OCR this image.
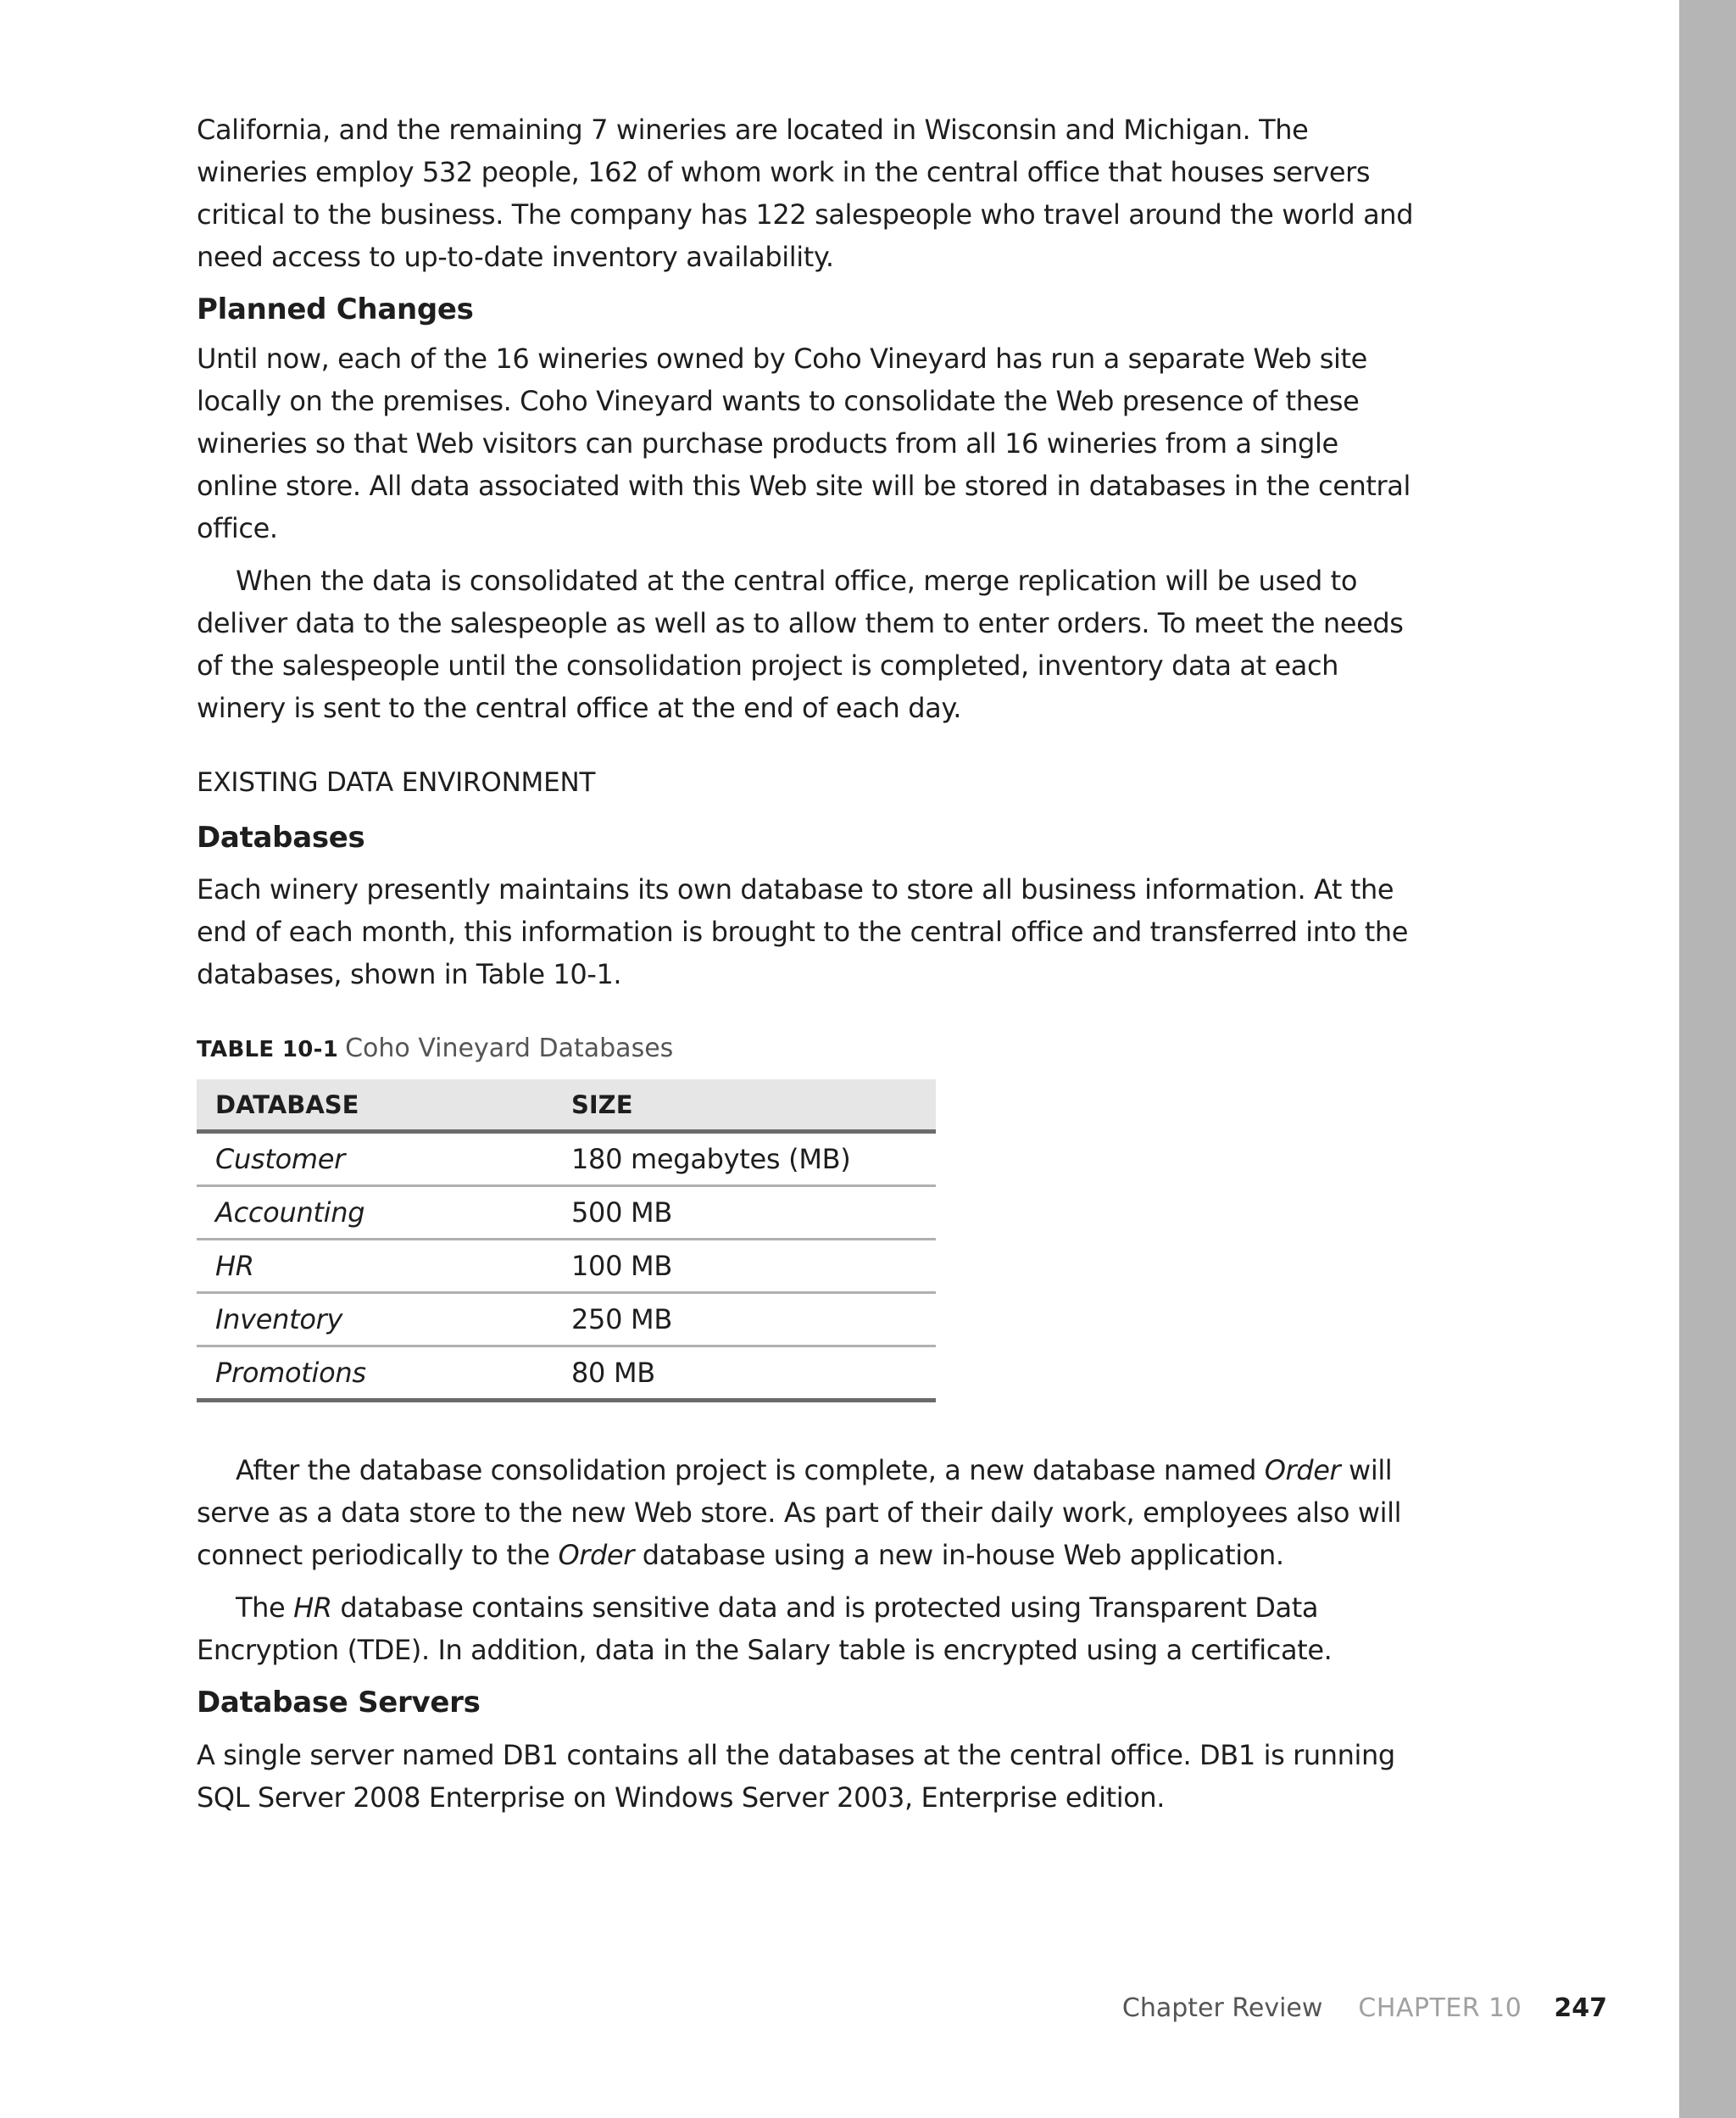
California, and the remaining 7 wineries are located in Wisconsin and Michigan. The wineries employ 532 people, 162 of whom work in the central office that houses servers critical to the business. The company has 122 salespeople who travel around the world and need access to up-to-date inventory availability.

Planned Changes

Until now, each of the 16 wineries owned by Coho Vineyard has run a separate Web site locally on the premises. Coho Vineyard wants to consolidate the Web presence of these wineries so that Web visitors can purchase products from all 16 wineries from a single online store. All data associated with this Web site will be stored in databases in the central office.

When the data is consolidated at the central office, merge replication will be used to deliver data to the salespeople as well as to allow them to enter orders. To meet the needs of the salespeople until the consolidation project is completed, inventory data at each winery is sent to the central office at the end of each day.

EXISTING DATA ENVIRONMENT
Databases

Each winery presently maintains its own database to store all business information. At the end of each month, this information is brought to the central office and transferred into the databases, shown in Table 10-1.

TABLE 10-1 Coho Vineyard Databases
DATABASE	SIZE
Customer	180 megabytes (MB)
Accounting	500 MB
HR	100 MB
Inventory	250 MB
Promotions	80 MB

After the database consolidation project is complete, a new database named Order will serve as a data store to the new Web store. As part of their daily work, employees also will connect periodically to the Order database using a new in-house Web application.

The HR database contains sensitive data and is protected using Transparent Data Encryption (TDE). In addition, data in the Salary table is encrypted using a certificate.

Database Servers

A single server named DB1 contains all the databases at the central office. DB1 is running SQL Server 2008 Enterprise on Windows Server 2003, Enterprise edition.

Chapter Review CHAPTER 10 247
